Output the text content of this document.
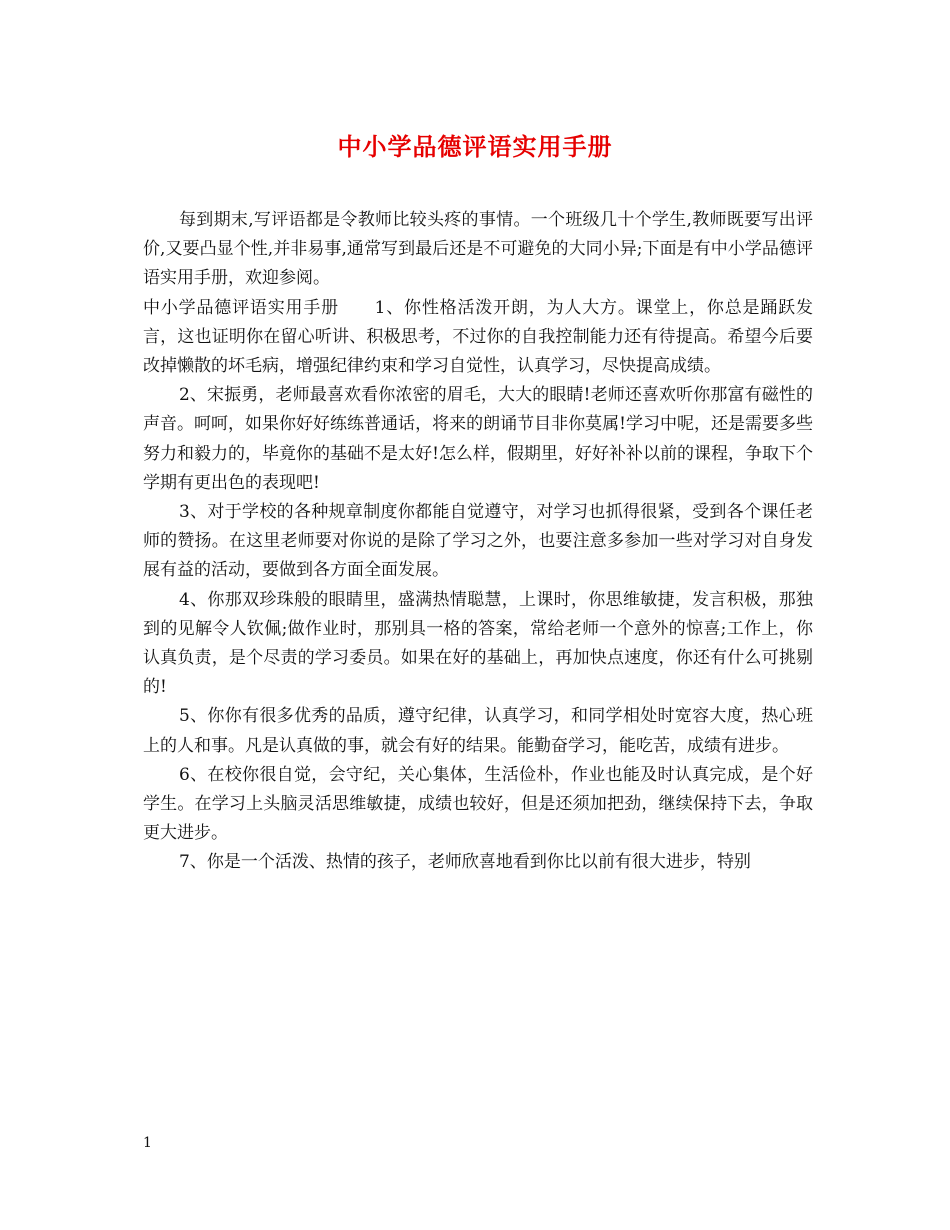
中小学品德评语实用手册

每到期末,写评语都是令教师比较头疼的事情。一个班级几十个学生,教师既要写出评价,又要凸显个性,并非易事,通常写到最后还是不可避免的大同小异;下面是有中小学品德评语实用手册，欢迎参阅。

中小学品德评语实用手册　　1、你性格活泼开朗，为人大方。课堂上，你总是踊跃发言，这也证明你在留心听讲、积极思考，不过你的自我控制能力还有待提高。希望今后要改掉懒散的坏毛病，增强纪律约束和学习自觉性，认真学习，尽快提高成绩。

2、宋振勇，老师最喜欢看你浓密的眉毛，大大的眼睛!老师还喜欢听你那富有磁性的声音。呵呵，如果你好好练练普通话，将来的朗诵节目非你莫属!学习中呢，还是需要多些努力和毅力的，毕竟你的基础不是太好!怎么样，假期里，好好补补以前的课程，争取下个学期有更出色的表现吧!

3、对于学校的各种规章制度你都能自觉遵守，对学习也抓得很紧，受到各个课任老师的赞扬。在这里老师要对你说的是除了学习之外，也要注意多参加一些对学习对自身发展有益的活动，要做到各方面全面发展。

4、你那双珍珠般的眼睛里，盛满热情聪慧，上课时，你思维敏捷，发言积极，那独到的见解令人钦佩;做作业时，那别具一格的答案，常给老师一个意外的惊喜;工作上，你认真负责，是个尽责的学习委员。如果在好的基础上，再加快点速度，你还有什么可挑剔的!

5、你你有很多优秀的品质，遵守纪律，认真学习，和同学相处时宽容大度，热心班上的人和事。凡是认真做的事，就会有好的结果。能勤奋学习，能吃苦，成绩有进步。

6、在校你很自觉，会守纪，关心集体，生活俭朴，作业也能及时认真完成，是个好学生。在学习上头脑灵活思维敏捷，成绩也较好，但是还须加把劲，继续保持下去，争取更大进步。

7、你是一个活泼、热情的孩子，老师欣喜地看到你比以前有很大进步，特别

1
